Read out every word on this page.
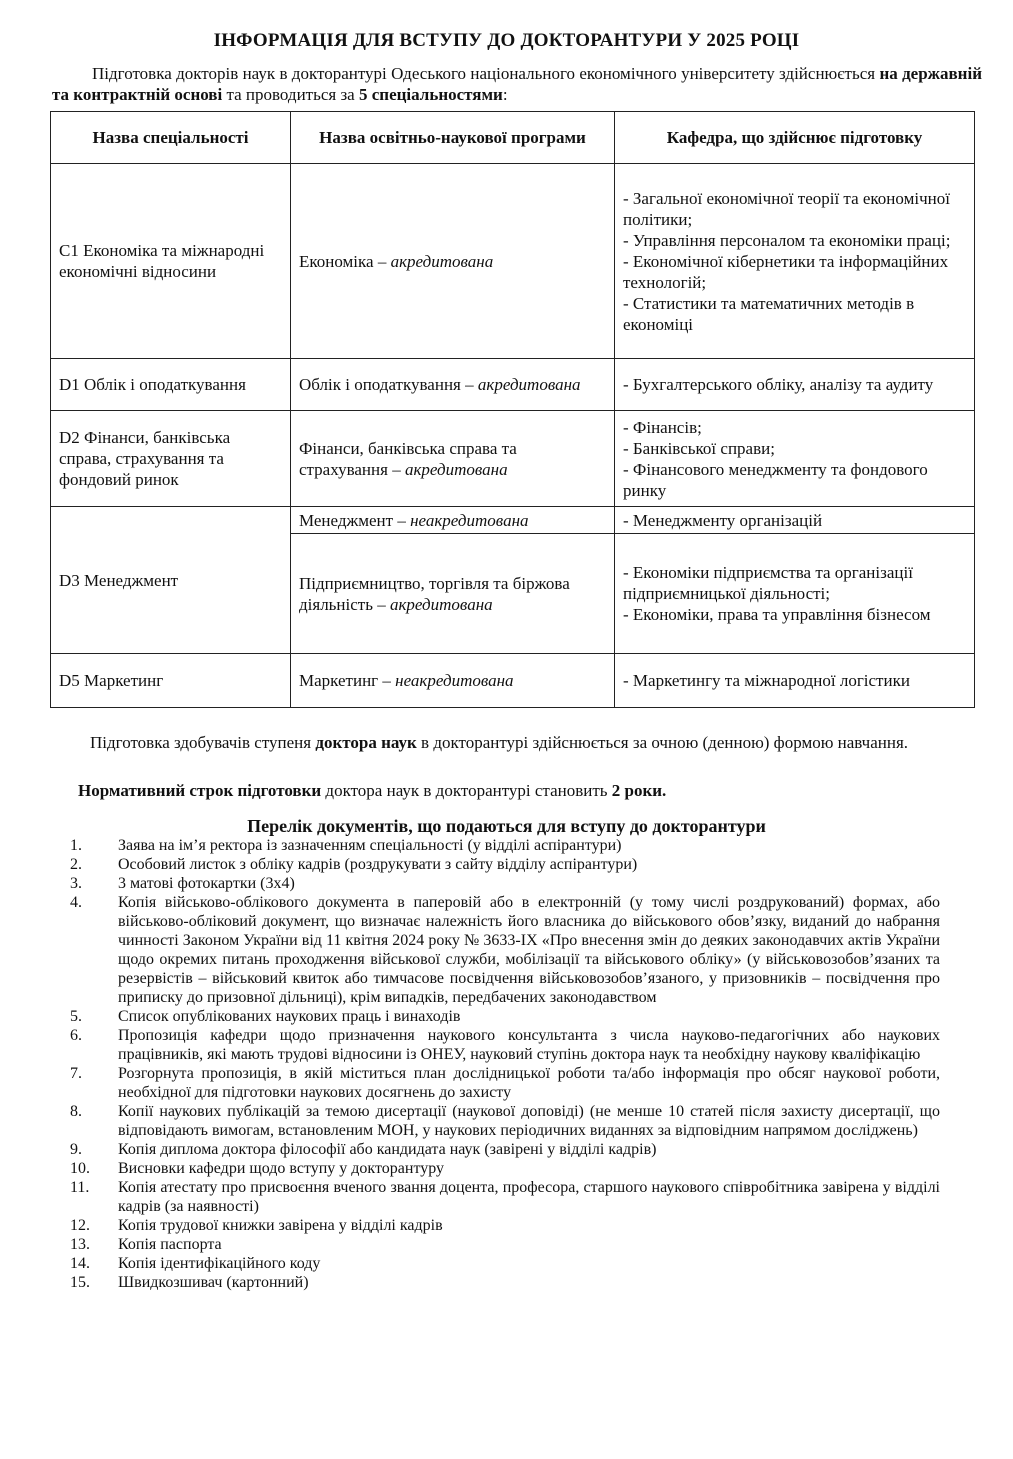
ІНФОРМАЦІЯ ДЛЯ ВСТУПУ ДО ДОКТОРАНТУРИ У 2025 РОЦІ

Підготовка докторів наук в докторантурі Одеського національного економічного університету здійснюється на державній та контрактній основі та проводиться за 5 спеціальностями:

Назва спеціальності	Назва освітньо-наукової програми	Кафедра, що здійснює підготовку
С1 Економіка та міжнародні економічні відносини	Економіка – акредитована	- Загальної економічної теорії та економічної політики;
- Управління персоналом та економіки праці;
- Економічної кібернетики та інформаційних технологій;
- Статистики та математичних методів в економіці

D1 Облік і оподаткування	Облік і оподаткування – акредитована	- Бухгалтерського обліку, аналізу та аудиту

D2 Фінанси, банківська справа, страхування та фондовий ринок	Фінанси, банківська справа та страхування – акредитована	- Фінансів;
- Банківської справи;
- Фінансового менеджменту та фондового ринку

D3 Менеджмент	Менеджмент – неакредитована	- Менеджменту організацій

	Підприємництво, торгівля та біржова діяльність – акредитована	- Економіки підприємства та організації підприємницької діяльності;
- Економіки, права та управління бізнесом

D5 Маркетинг	Маркетинг – неакредитована	- Маркетингу та міжнародної логістики

Підготовка здобувачів ступеня доктора наук в докторантурі здійснюється за очною (денною) формою навчання.

Нормативний строк підготовки доктора наук в докторантурі становить 2 роки.

Перелік документів, що подаються для вступу до докторантури
1.	Заява на ім’я ректора із зазначенням спеціальності (у відділі аспірантури)
2.	Особовий листок з обліку кадрів (роздрукувати з сайту відділу аспірантури)
3.	3 матові фотокартки (3х4)
4.	Копія військово-облікового документа в паперовій або в електронній (у тому числі роздрукований) формах, або військово-обліковий документ, що визначає належність його власника до військового обов’язку, виданий до набрання чинності Законом України від 11 квітня 2024 року № 3633-IX «Про внесення змін до деяких законодавчих актів України щодо окремих питань проходження військової служби, мобілізації та військового обліку» (у військовозобов’язаних та резервістів – військовий квиток або тимчасове посвідчення військовозобов’язаного, у призовників – посвідчення про приписку до призовної дільниці), крім випадків, передбачених законодавством
5.	Список опублікованих наукових праць і винаходів
6.	Пропозиція кафедри щодо призначення наукового консультанта з числа науково-педагогічних або наукових працівників, які мають трудові відносини із ОНЕУ, науковий ступінь доктора наук та необхідну наукову кваліфікацію
7.	Розгорнута пропозиція, в якій міститься план дослідницької роботи та/або інформація про обсяг наукової роботи, необхідної для підготовки наукових досягнень до захисту
8.	Копії наукових публікацій за темою дисертації (наукової доповіді) (не менше 10 статей після захисту дисертації, що відповідають вимогам, встановленим МОН, у наукових періодичних виданнях за відповідним напрямом досліджень)
9.	Копія диплома доктора філософії або кандидата наук (завірені у відділі кадрів)
10.	Висновки кафедри щодо вступу у докторантуру
11.	Копія атестату про присвоєння вченого звання доцента, професора, старшого наукового співробітника завірена у відділі кадрів (за наявності)
12.	Копія трудової книжки завірена у відділі кадрів
13.	Копія паспорта
14.	Копія ідентифікаційного коду
15.	Швидкозшивач (картонний)
